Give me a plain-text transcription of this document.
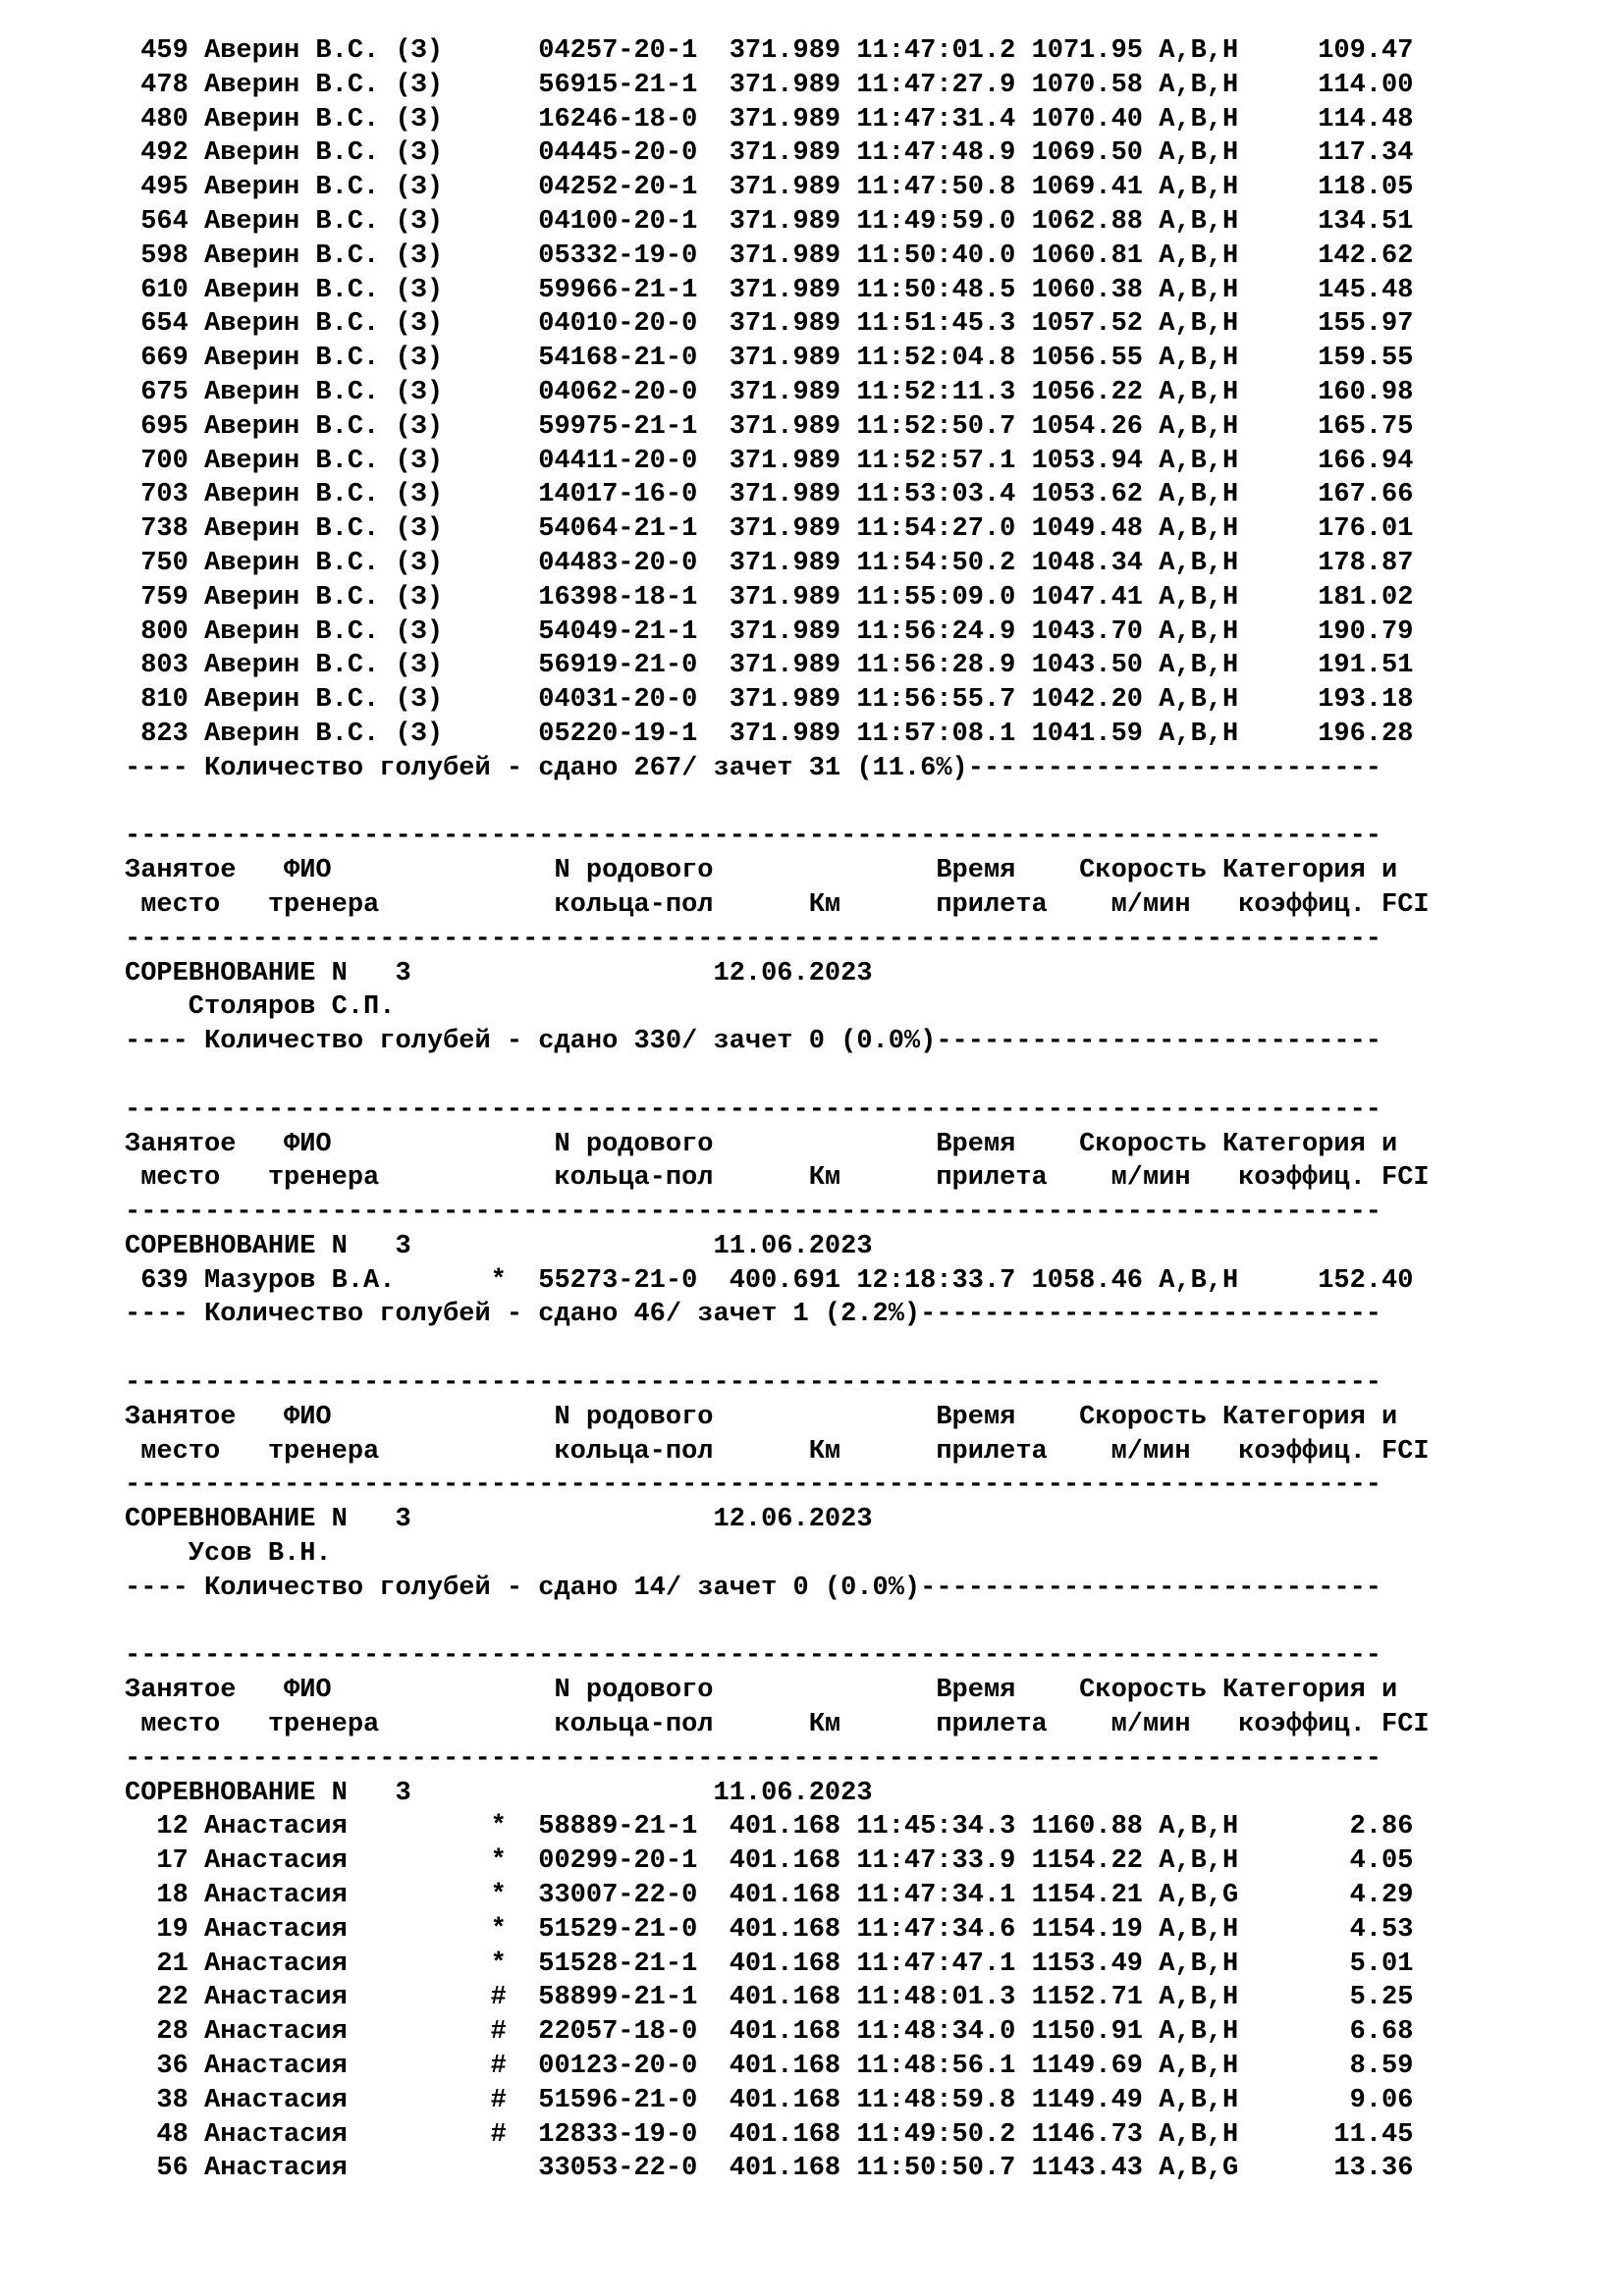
459 Аверин В.С. (З)   04257-20-1  371.989 11:47:01.2 1071.95 A,B,H     109.47
478 Аверин В.С. (З)   56915-21-1  371.989 11:47:27.9 1070.58 A,B,H     114.00
480 Аверин В.С. (З)   16246-18-0  371.989 11:47:31.4 1070.40 A,B,H     114.48
492 Аверин В.С. (З)   04445-20-0  371.989 11:47:48.9 1069.50 A,B,H     117.34
495 Аверин В.С. (З)   04252-20-1  371.989 11:47:50.8 1069.41 A,B,H     118.05
564 Аверин В.С. (З)   04100-20-1  371.989 11:49:59.0 1062.88 A,B,H     134.51
598 Аверин В.С. (З)   05332-19-0  371.989 11:50:40.0 1060.81 A,B,H     142.62
610 Аверин В.С. (З)   59966-21-1  371.989 11:50:48.5 1060.38 A,B,H     145.48
654 Аверин В.С. (З)   04010-20-0  371.989 11:51:45.3 1057.52 A,B,H     155.97
669 Аверин В.С. (З)   54168-21-0  371.989 11:52:04.8 1056.55 A,B,H     159.55
675 Аверин В.С. (З)   04062-20-0  371.989 11:52:11.3 1056.22 A,B,H     160.98
695 Аверин В.С. (З)   59975-21-1  371.989 11:52:50.7 1054.26 A,B,H     165.75
700 Аверин В.С. (З)   04411-20-0  371.989 11:52:57.1 1053.94 A,B,H     166.94
703 Аверин В.С. (З)   14017-16-0  371.989 11:53:03.4 1053.62 A,B,H     167.66
738 Аверин В.С. (З)   54064-21-1  371.989 11:54:27.0 1049.48 A,B,H     176.01
750 Аверин В.С. (З)   04483-20-0  371.989 11:54:50.2 1048.34 A,B,H     178.87
759 Аверин В.С. (З)   16398-18-1  371.989 11:55:09.0 1047.41 A,B,H     181.02
800 Аверин В.С. (З)   54049-21-1  371.989 11:56:24.9 1043.70 A,B,H     190.79
803 Аверин В.С. (З)   56919-21-0  371.989 11:56:28.9 1043.50 A,B,H     191.51
810 Аверин В.С. (З)   04031-20-0  371.989 11:56:55.7 1042.20 A,B,H     193.18
823 Аверин В.С. (З)   05220-19-1  371.989 11:57:08.1 1041.59 A,B,H     196.28
---- Количество голубей - сдано 267/ зачет 31 (11.6%)--------------------------
-------------------------------------------------------------------------------
Занятое   ФИО              N родового              Время    Скорость Категория и
место   тренера           кольца-пол      Км      прилета    м/мин   коэффиц. FCI
-------------------------------------------------------------------------------
СОРЕВНОВАНИЕ N   3                   12.06.2023
Столяров С.П.
---- Количество голубей - сдано 330/ зачет 0 (0.0%)----------------------------
-------------------------------------------------------------------------------
Занятое   ФИО              N родового              Время    Скорость Категория и
место   тренера           кольца-пол      Км      прилета    м/мин   коэффиц. FCI
-------------------------------------------------------------------------------
СОРЕВНОВАНИЕ N   3                   11.06.2023
639 Мазуров В.А.     * 55273-21-0  400.691 12:18:33.7 1058.46 A,B,H     152.40
---- Количество голубей - сдано 46/ зачет 1 (2.2%)-----------------------------
-------------------------------------------------------------------------------
Занятое   ФИО              N родового              Время    Скорость Категория и
место   тренера           кольца-пол      Км      прилета    м/мин   коэффиц. FCI
-------------------------------------------------------------------------------
СОРЕВНОВАНИЕ N   3                   12.06.2023
Усов В.Н.
---- Количество голубей - сдано 14/ зачет 0 (0.0%)-----------------------------
-------------------------------------------------------------------------------
Занятое   ФИО              N родового              Время    Скорость Категория и
место   тренера           кольца-пол      Км      прилета    м/мин   коэффиц. FCI
-------------------------------------------------------------------------------
СОРЕВНОВАНИЕ N   3                   11.06.2023
12 Анастасия        * 58889-21-1  401.168 11:45:34.3 1160.88 A,B,H       2.86
17 Анастасия        * 00299-20-1  401.168 11:47:33.9 1154.22 A,B,H       4.05
18 Анастасия        * 33007-22-0  401.168 11:47:34.1 1154.21 A,B,G       4.29
19 Анастасия        * 51529-21-0  401.168 11:47:34.6 1154.19 A,B,H       4.53
21 Анастасия        * 51528-21-1  401.168 11:47:47.1 1153.49 A,B,H       5.01
22 Анастасия        # 58899-21-1  401.168 11:48:01.3 1152.71 A,B,H       5.25
28 Анастасия        # 22057-18-0  401.168 11:48:34.0 1150.91 A,B,H       6.68
36 Анастасия        # 00123-20-0  401.168 11:48:56.1 1149.69 A,B,H       8.59
38 Анастасия        # 51596-21-0  401.168 11:48:59.8 1149.49 A,B,H       9.06
48 Анастасия        # 12833-19-0  401.168 11:49:50.2 1146.73 A,B,H      11.45
56 Анастасия         33053-22-0  401.168 11:50:50.7 1143.43 A,B,G      13.36
